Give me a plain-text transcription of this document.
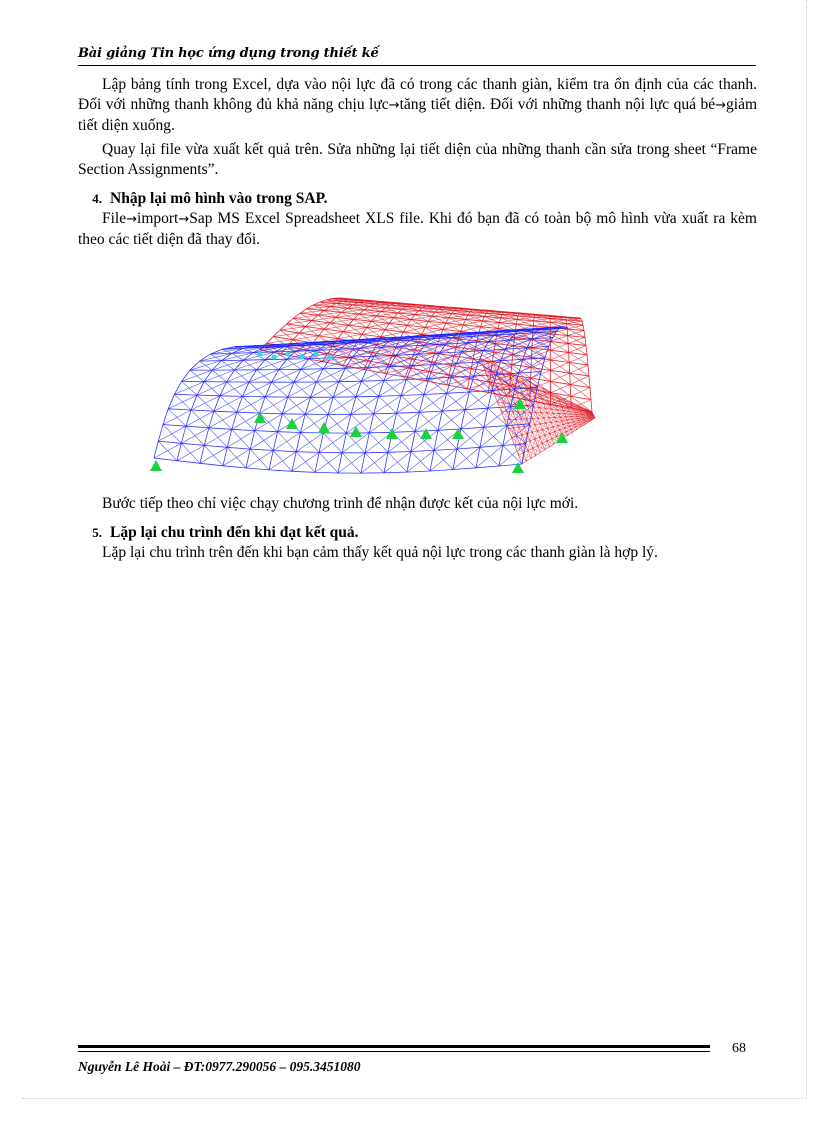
Bài giảng Tin học ứng dụng trong thiết kế

Lập bảng tính trong Excel, dựa vào nội lực đã có trong các thanh giàn, kiểm tra ổn định của các thanh. Đối với những thanh không đủ khả năng chịu lực→tăng tiết diện. Đối với những thanh nội lực quá bé→giảm tiết diện xuống.

Quay lại file vừa xuất kết quả trên. Sửa những lại tiết diện của những thanh cần sửa trong sheet “Frame Section Assignments”.

4. Nhập lại mô hình vào trong SAP.

File→import→Sap MS Excel Spreadsheet XLS file. Khi đó bạn đã có toàn bộ mô hình vừa xuất ra kèm theo các tiết diện đã thay đổi.

Bước tiếp theo chỉ việc chạy chương trình để nhận được kết của nội lực mới.

5. Lặp lại chu trình đến khi đạt kết quả.

Lặp lại chu trình trên đến khi bạn cảm thấy kết quả nội lực trong các thanh giàn là hợp lý.

68
Nguyễn Lê Hoài – ĐT:0977.290056 – 095.3451080
